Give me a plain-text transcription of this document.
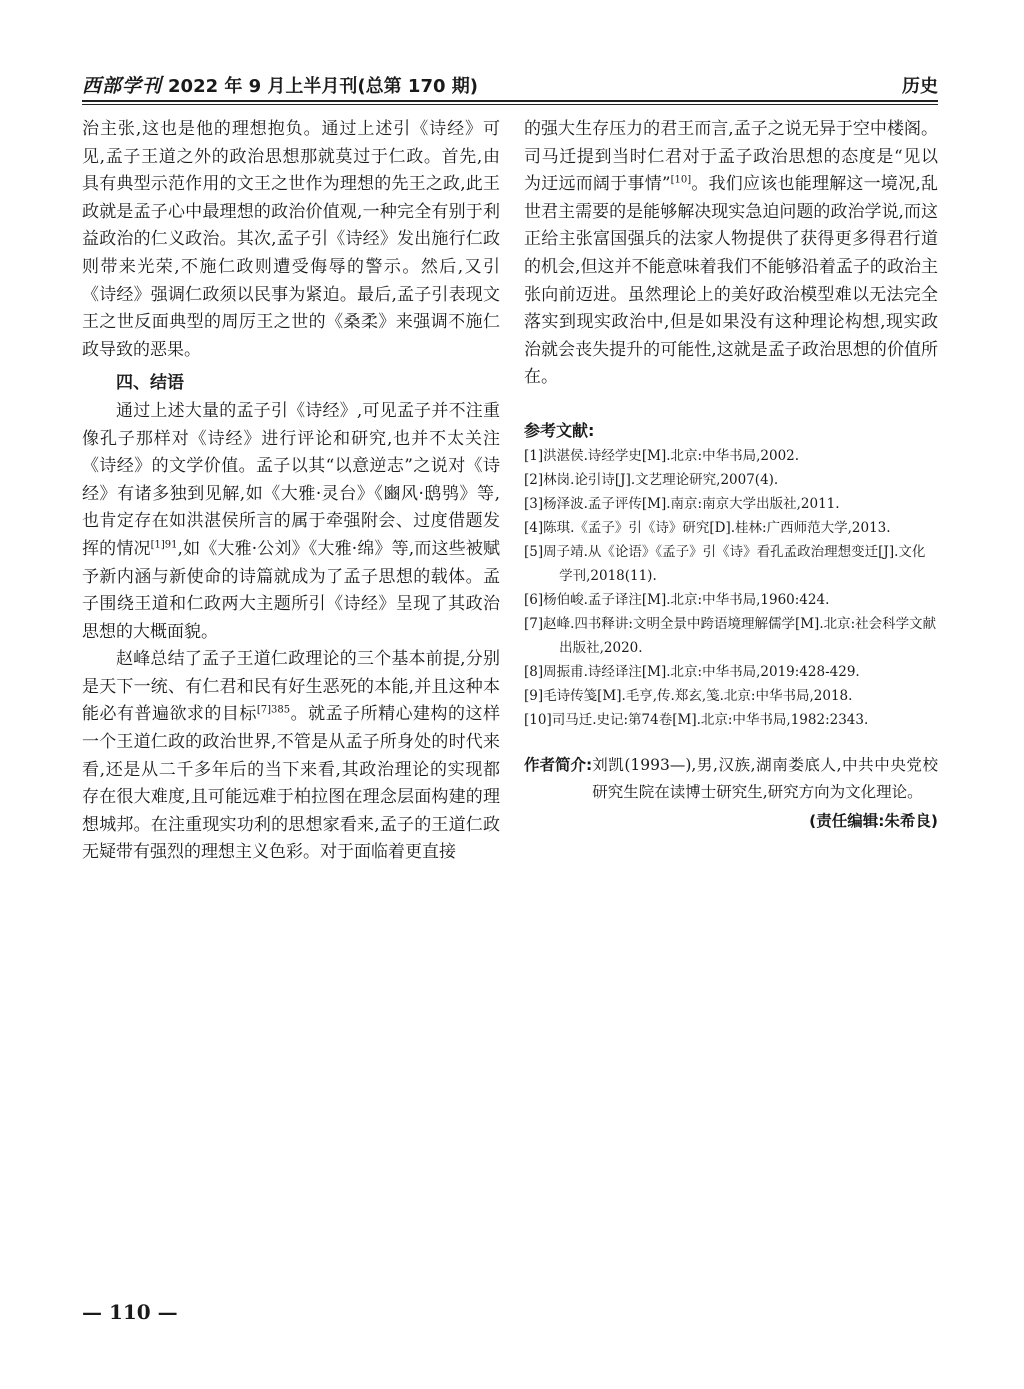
西部学刊 2022 年 9 月上半月刊(总第 170 期)	历史

治主张,这也是他的理想抱负。通过上述引《诗经》可见,孟子王道之外的政治思想那就莫过于仁政。首先,由具有典型示范作用的文王之世作为理想的先王之政,此王政就是孟子心中最理想的政治价值观,一种完全有别于利益政治的仁义政治。其次,孟子引《诗经》发出施行仁政则带来光荣,不施仁政则遭受侮辱的警示。然后,又引《诗经》强调仁政须以民事为紧迫。最后,孟子引表现文王之世反面典型的周厉王之世的《桑柔》来强调不施仁政导致的恶果。

四、结语

通过上述大量的孟子引《诗经》,可见孟子并不注重像孔子那样对《诗经》进行评论和研究,也并不太关注《诗经》的文学价值。孟子以其“以意逆志”之说对《诗经》有诸多独到见解,如《大雅·灵台》《豳风·鸱鸮》等,也肯定存在如洪湛侯所言的属于牵强附会、过度借题发挥的情况$^{[1]91}$,如《大雅·公刘》《大雅·绵》等,而这些被赋予新内涵与新使命的诗篇就成为了孟子思想的载体。孟子围绕王道和仁政两大主题所引《诗经》呈现了其政治思想的大概面貌。

赵峰总结了孟子王道仁政理论的三个基本前提,分别是天下一统、有仁君和民有好生恶死的本能,并且这种本能必有普遍欲求的目标$^{[7]385}$。就孟子所精心建构的这样一个王道仁政的政治世界,不管是从孟子所身处的时代来看,还是从二千多年后的当下来看,其政治理论的实现都存在很大难度,且可能远难于柏拉图在理念层面构建的理想城邦。在注重现实功利的思想家看来,孟子的王道仁政无疑带有强烈的理想主义色彩。对于面临着更直接

的强大生存压力的君王而言,孟子之说无异于空中楼阁。司马迁提到当时仁君对于孟子政治思想的态度是“见以为迂远而阔于事情”[10]。我们应该也能理解这一境况,乱世君主需要的是能够解决现实急迫问题的政治学说,而这正给主张富国强兵的法家人物提供了获得更多得君行道的机会,但这并不能意味着我们不能够沿着孟子的政治主张向前迈进。虽然理论上的美好政治模型难以无法完全落实到现实政治中,但是如果没有这种理论构想,现实政治就会丧失提升的可能性,这就是孟子政治思想的价值所在。

参考文献:
[1]洪湛侯.诗经学史[M].北京:中华书局,2002.
[2]林岗.论引诗[J].文艺理论研究,2007(4).
[3]杨泽波.孟子评传[M].南京:南京大学出版社,2011.
[4]陈琪.《孟子》引《诗》研究[D].桂林:广西师范大学,2013.
[5]周子靖.从《论语》《孟子》引《诗》看孔孟政治理想变迁[J].文化学刊,2018(11).
[6]杨伯峻.孟子译注[M].北京:中华书局,1960:424.
[7]赵峰.四书释讲:文明全景中跨语境理解儒学[M].北京:社会科学文献出版社,2020.
[8]周振甫.诗经译注[M].北京:中华书局,2019:428-429.
[9]毛诗传笺[M].毛亨,传.郑玄,笺.北京:中华书局,2018.
[10]司马迁.史记:第74卷[M].北京:中华书局,1982:2343.
作者简介: 刘凯(1993—),男,汉族,湖南娄底人,中共中央党校研究生院在读博士研究生,研究方向为文化理论。
(责任编辑:朱希良)
— 110 —
